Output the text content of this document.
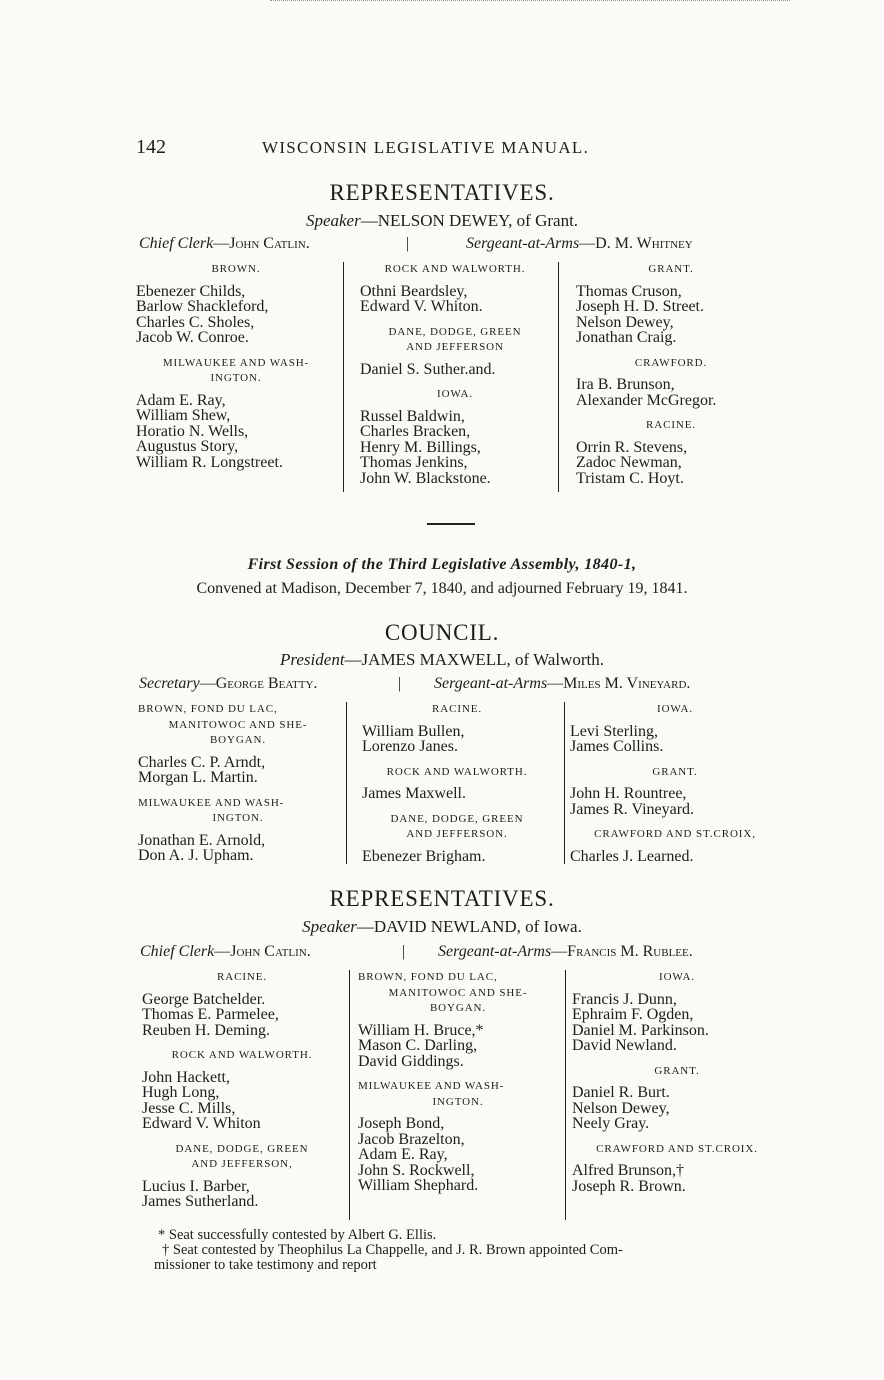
142	WISCONSIN LEGISLATIVE MANUAL.
REPRESENTATIVES.
Speaker—NELSON DEWEY, of Grant.
Chief Clerk—John Catlin.	|	Sergeant-at-Arms—D. M. Whitney
BROWN.
Ebenezer Childs,
Barlow Shackleford,
Charles C. Sholes,
Jacob W. Conroe.
MILWAUKEE AND WASH-
INGTON.
Adam E. Ray,
William Shew,
Horatio N. Wells,
Augustus Story,
William R. Longstreet.
ROCK AND WALWORTH.
Othni Beardsley,
Edward V. Whiton.
DANE, DODGE, GREEN
AND JEFFERSON
Daniel S. Suther.and.
IOWA.
Russel Baldwin,
Charles Bracken,
Henry M. Billings,
Thomas Jenkins,
John W. Blackstone.
GRANT.
Thomas Cruson,
Joseph H. D. Street.
Nelson Dewey,
Jonathan Craig.
CRAWFORD.
Ira B. Brunson,
Alexander McGregor.
RACINE.
Orrin R. Stevens,
Zadoc Newman,
Tristam C. Hoyt.
First Session of the Third Legislative Assembly, 1840-1,
Convened at Madison, December 7, 1840, and adjourned February 19, 1841.
COUNCIL.
President—JAMES MAXWELL, of Walworth.
Secretary—George Beatty.	| Sergeant-at-Arms—Miles M. Vineyard.
BROWN, FOND DU LAC,
MANITOWOC AND SHE-
BOYGAN.
Charles C. P. Arndt,
Morgan L. Martin.
MILWAUKEE AND WASH-
INGTON.
Jonathan E. Arnold,
Don A. J. Upham.
RACINE.
William Bullen,
Lorenzo Janes.
ROCK AND WALWORTH.
James Maxwell.
DANE, DODGE, GREEN
AND JEFFERSON.
Ebenezer Brigham.
IOWA.
Levi Sterling,
James Collins.
GRANT.
John H. Rountree,
James R. Vineyard.
CRAWFORD AND ST.CROIX,
Charles J. Learned.
REPRESENTATIVES.
Speaker—DAVID NEWLAND, of Iowa.
Chief Clerk—John Catlin.	| Sergeant-at-Arms—Francis M. Rublee.
RACINE.
George Batchelder.
Thomas E. Parmelee,
Reuben H. Deming.
ROCK AND WALWORTH.
John Hackett,
Hugh Long,
Jesse C. Mills,
Edward V. Whiton
DANE, DODGE, GREEN
AND JEFFERSON,
Lucius I. Barber,
James Sutherland.
BROWN, FOND DU LAC,
MANITOWOC AND SHE-
BOYGAN.
William H. Bruce,*
Mason C. Darling,
David Giddings.
MILWAUKEE AND WASH-
INGTON.
Joseph Bond,
Jacob Brazelton,
Adam E. Ray,
John S. Rockwell,
William Shephard.
IOWA.
Francis J. Dunn,
Ephraim F. Ogden,
Daniel M. Parkinson.
David Newland.
GRANT.
Daniel R. Burt.
Nelson Dewey,
Neely Gray.
CRAWFORD AND ST.CROIX.
Alfred Brunson,†
Joseph R. Brown.
* Seat successfully contested by Albert G. Ellis.
† Seat contested by Theophilus La Chappelle, and J. R. Brown appointed Com-
missioner to take testimony and report
